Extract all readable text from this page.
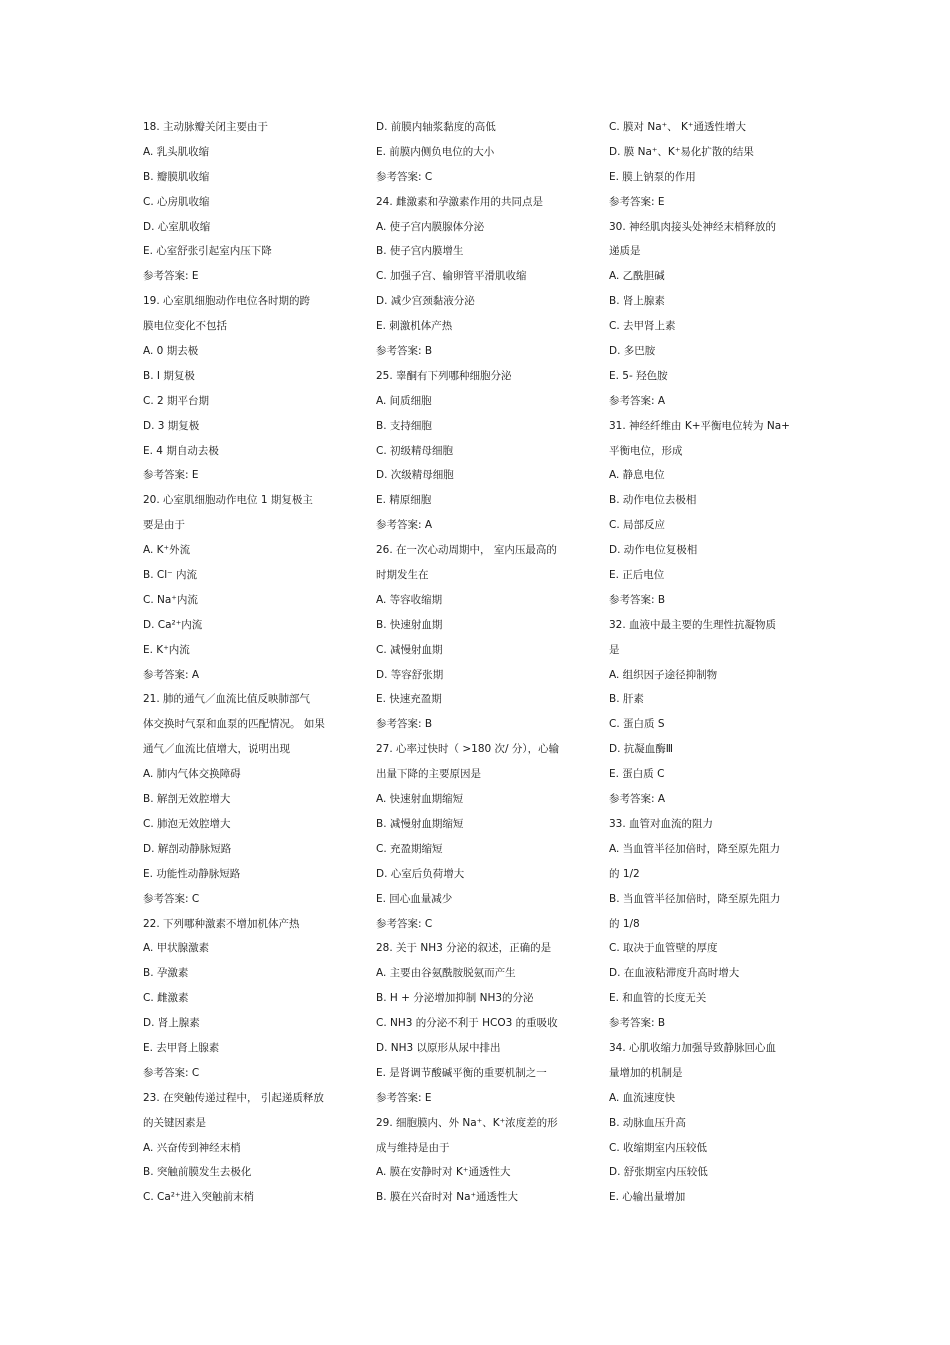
18. 主动脉瓣关闭主要由于
A. 乳头肌收缩
B. 瓣膜肌收缩
C. 心房肌收缩
D. 心室肌收缩
E. 心室舒张引起室内压下降
参考答案: E
19. 心室肌细胞动作电位各时期的跨
膜电位变化不包括
A. 0 期去极
B. Ⅰ 期复极
C. 2 期平台期
D. 3 期复极
E. 4 期自动去极
参考答案: E
20. 心室肌细胞动作电位 1 期复极主
要是由于
A. K⁺外流
B. Cl⁻ 内流
C. Na⁺内流
D. Ca²⁺内流
E. K⁺内流
参考答案: A
21. 肺的通气／血流比值反映肺部气
体交换时气泵和血泵的匹配情况。 如果
通气／血流比值增大，说明出现
A. 肺内气体交换障碍
B. 解剖无效腔增大
C. 肺泡无效腔增大
D. 解剖动静脉短路
E. 功能性动静脉短路
参考答案: C
22. 下列哪种激素不增加机体产热
A. 甲状腺激素
B. 孕激素
C. 雌激素
D. 肾上腺素
E. 去甲肾上腺素
参考答案: C
23. 在突触传递过程中， 引起递质释放
的关键因素是
A. 兴奋传到神经末梢
B. 突触前膜发生去极化
C. Ca²⁺进入突触前末梢
D. 前膜内轴浆黏度的高低
E. 前膜内侧负电位的大小
参考答案: C
24. 雌激素和孕激素作用的共同点是
A. 使子宫内膜腺体分泌
B. 使子宫内膜增生
C. 加强子宫、输卵管平滑肌收缩
D. 减少宫颈黏液分泌
E. 刺激机体产热
参考答案: B
25. 睾酮有下列哪种细胞分泌
A. 间质细胞
B. 支持细胞
C. 初级精母细胞
D. 次级精母细胞
E. 精原细胞
参考答案: A
26. 在一次心动周期中， 室内压最高的
时期发生在
A. 等容收缩期
B. 快速射血期
C. 减慢射血期
D. 等容舒张期
E. 快速充盈期
参考答案: B
27. 心率过快时（ >180 次/ 分），心输
出量下降的主要原因是
A. 快速射血期缩短
B. 减慢射血期缩短
C. 充盈期缩短
D. 心室后负荷增大
E. 回心血量减少
参考答案: C
28. 关于 NH3 分泌的叙述，正确的是
A. 主要由谷氨酰胺脱氨而产生
B. H + 分泌增加抑制 NH3的分泌
C. NH3 的分泌不利于 HCO3 的重吸收
D. NH3 以原形从尿中排出
E. 是肾调节酸碱平衡的重要机制之一
参考答案: E
29. 细胞膜内、外 Na⁺、K⁺浓度差的形
成与维持是由于
A. 膜在安静时对 K⁺通透性大
B. 膜在兴奋时对 Na⁺通透性大
C. 膜对 Na⁺、 K⁺通透性增大
D. 膜 Na⁺、K⁺易化扩散的结果
E. 膜上钠泵的作用
参考答案: E
30. 神经肌肉接头处神经末梢释放的
递质是
A. 乙酰胆碱
B. 肾上腺素
C. 去甲肾上素
D. 多巴胺
E. 5- 羟色胺
参考答案: A
31. 神经纤维由 K+平衡电位转为 Na+
平衡电位，形成
A. 静息电位
B. 动作电位去极相
C. 局部反应
D. 动作电位复极相
E. 正后电位
参考答案: B
32. 血液中最主要的生理性抗凝物质
是
A. 组织因子途径抑制物
B. 肝素
C. 蛋白质 S
D. 抗凝血酶Ⅲ
E. 蛋白质 C
参考答案: A
33. 血管对血流的阻力
A. 当血管半径加倍时，降至原先阻力
的 1/2
B. 当血管半径加倍时，降至原先阻力
的 1/8
C. 取决于血管壁的厚度
D. 在血液粘滞度升高时增大
E. 和血管的长度无关
参考答案: B
34. 心肌收缩力加强导致静脉回心血
量增加的机制是
A. 血流速度快
B. 动脉血压升高
C. 收缩期室内压较低
D. 舒张期室内压较低
E. 心输出量增加
